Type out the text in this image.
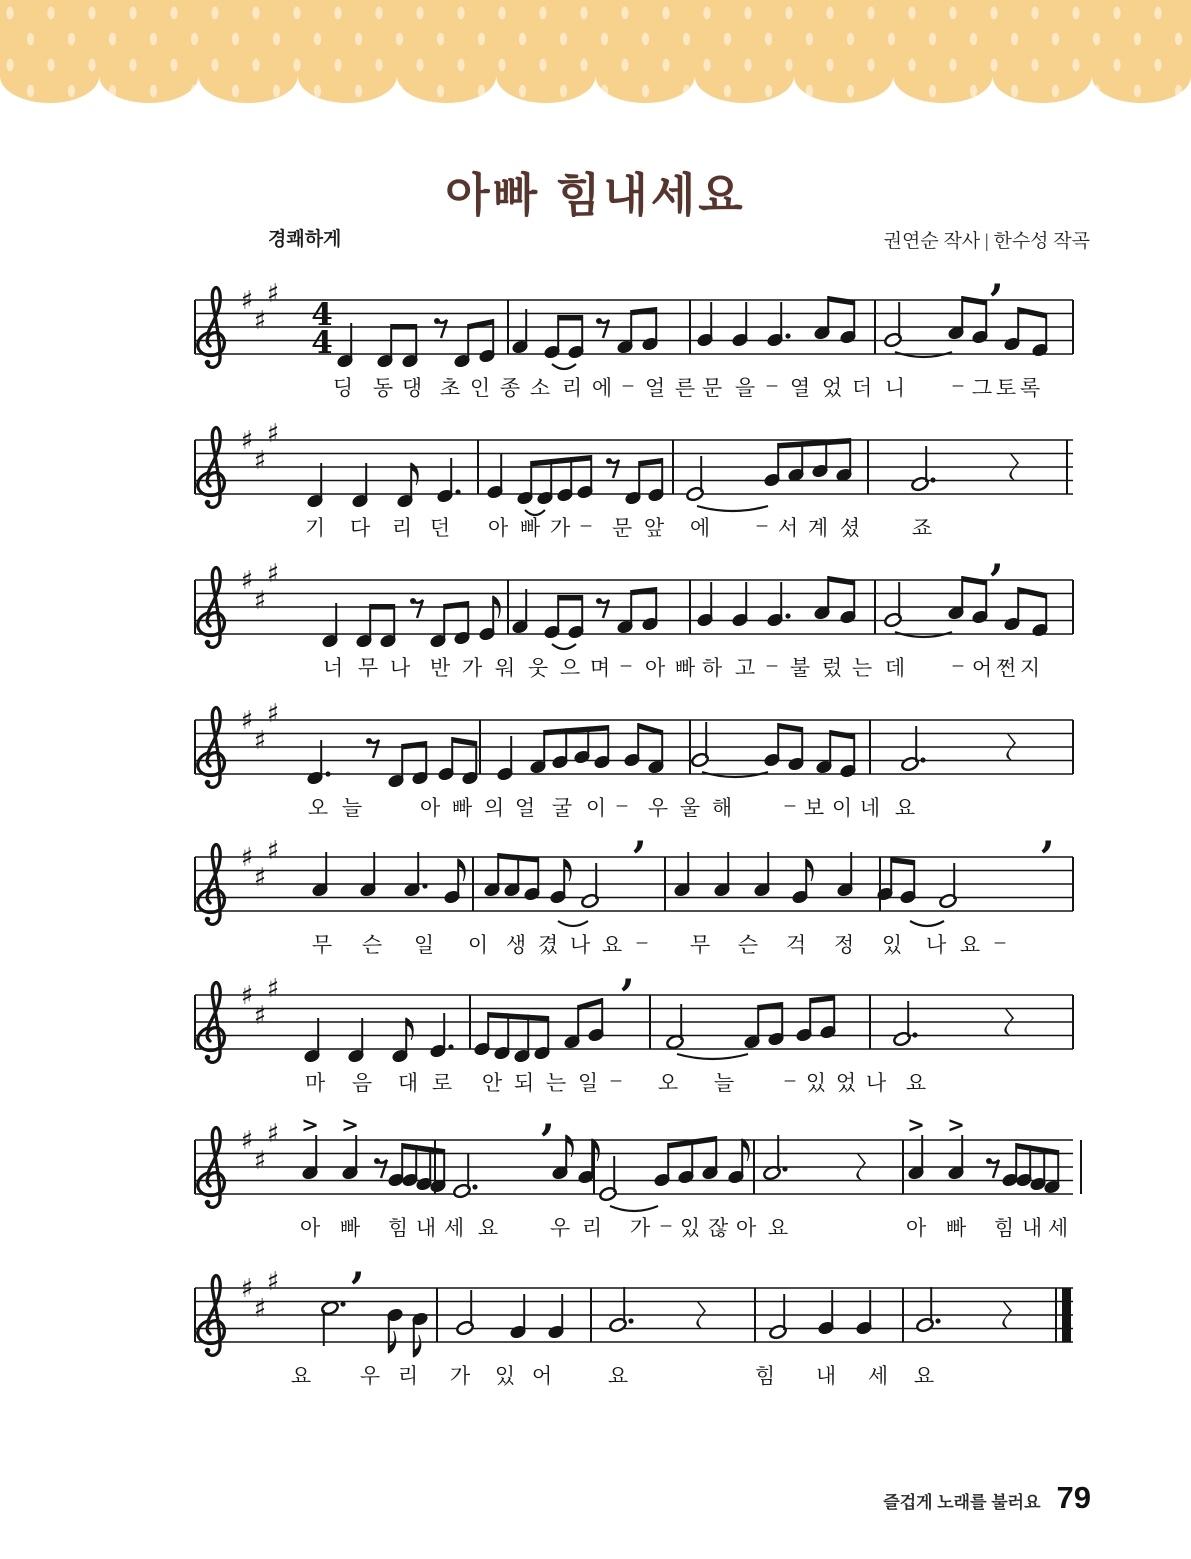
아빠 힘내세요
경쾌하게	권연순 작사 | 한수성 작곡
♯
♯
♯
4
4
,
♯
♯
♯
♯
♯
♯	,
♯
♯
♯
♯
♯
♯	,	,
♯
♯
♯	,
♯
♯
♯ > >	,	> >
♯
♯
♯ ,
딩 동 댕 초 인 종 소 리 에 – 얼 른 문 을 – 열 었 더 니	– 그 토 록
기	다	리 던	아 빠 가 – 문 앞	에	– 서 계 셨	죠
너 무 나 반 가 워 웃 으 며 – 아 빠 하 고 – 불 렀 는 데	– 어 쩐 지
오 늘	아 빠 의 얼 굴 이 – 우 울 해	– 보 이 네 요
무	슨	일	이 생 겼 나 요 –	무	슨	걱	정	있	나 요 –
마	음	대 로	안 되 는 일 –	오	늘	– 있 었 나 요
아 빠	힘 내 세 요	우 리	가 – 있 잖 아 요	아 빠	힘 내 세
요	우 리	가	있 어	요	힘	내	세	요
즐겁게 노래를 불러요 79
